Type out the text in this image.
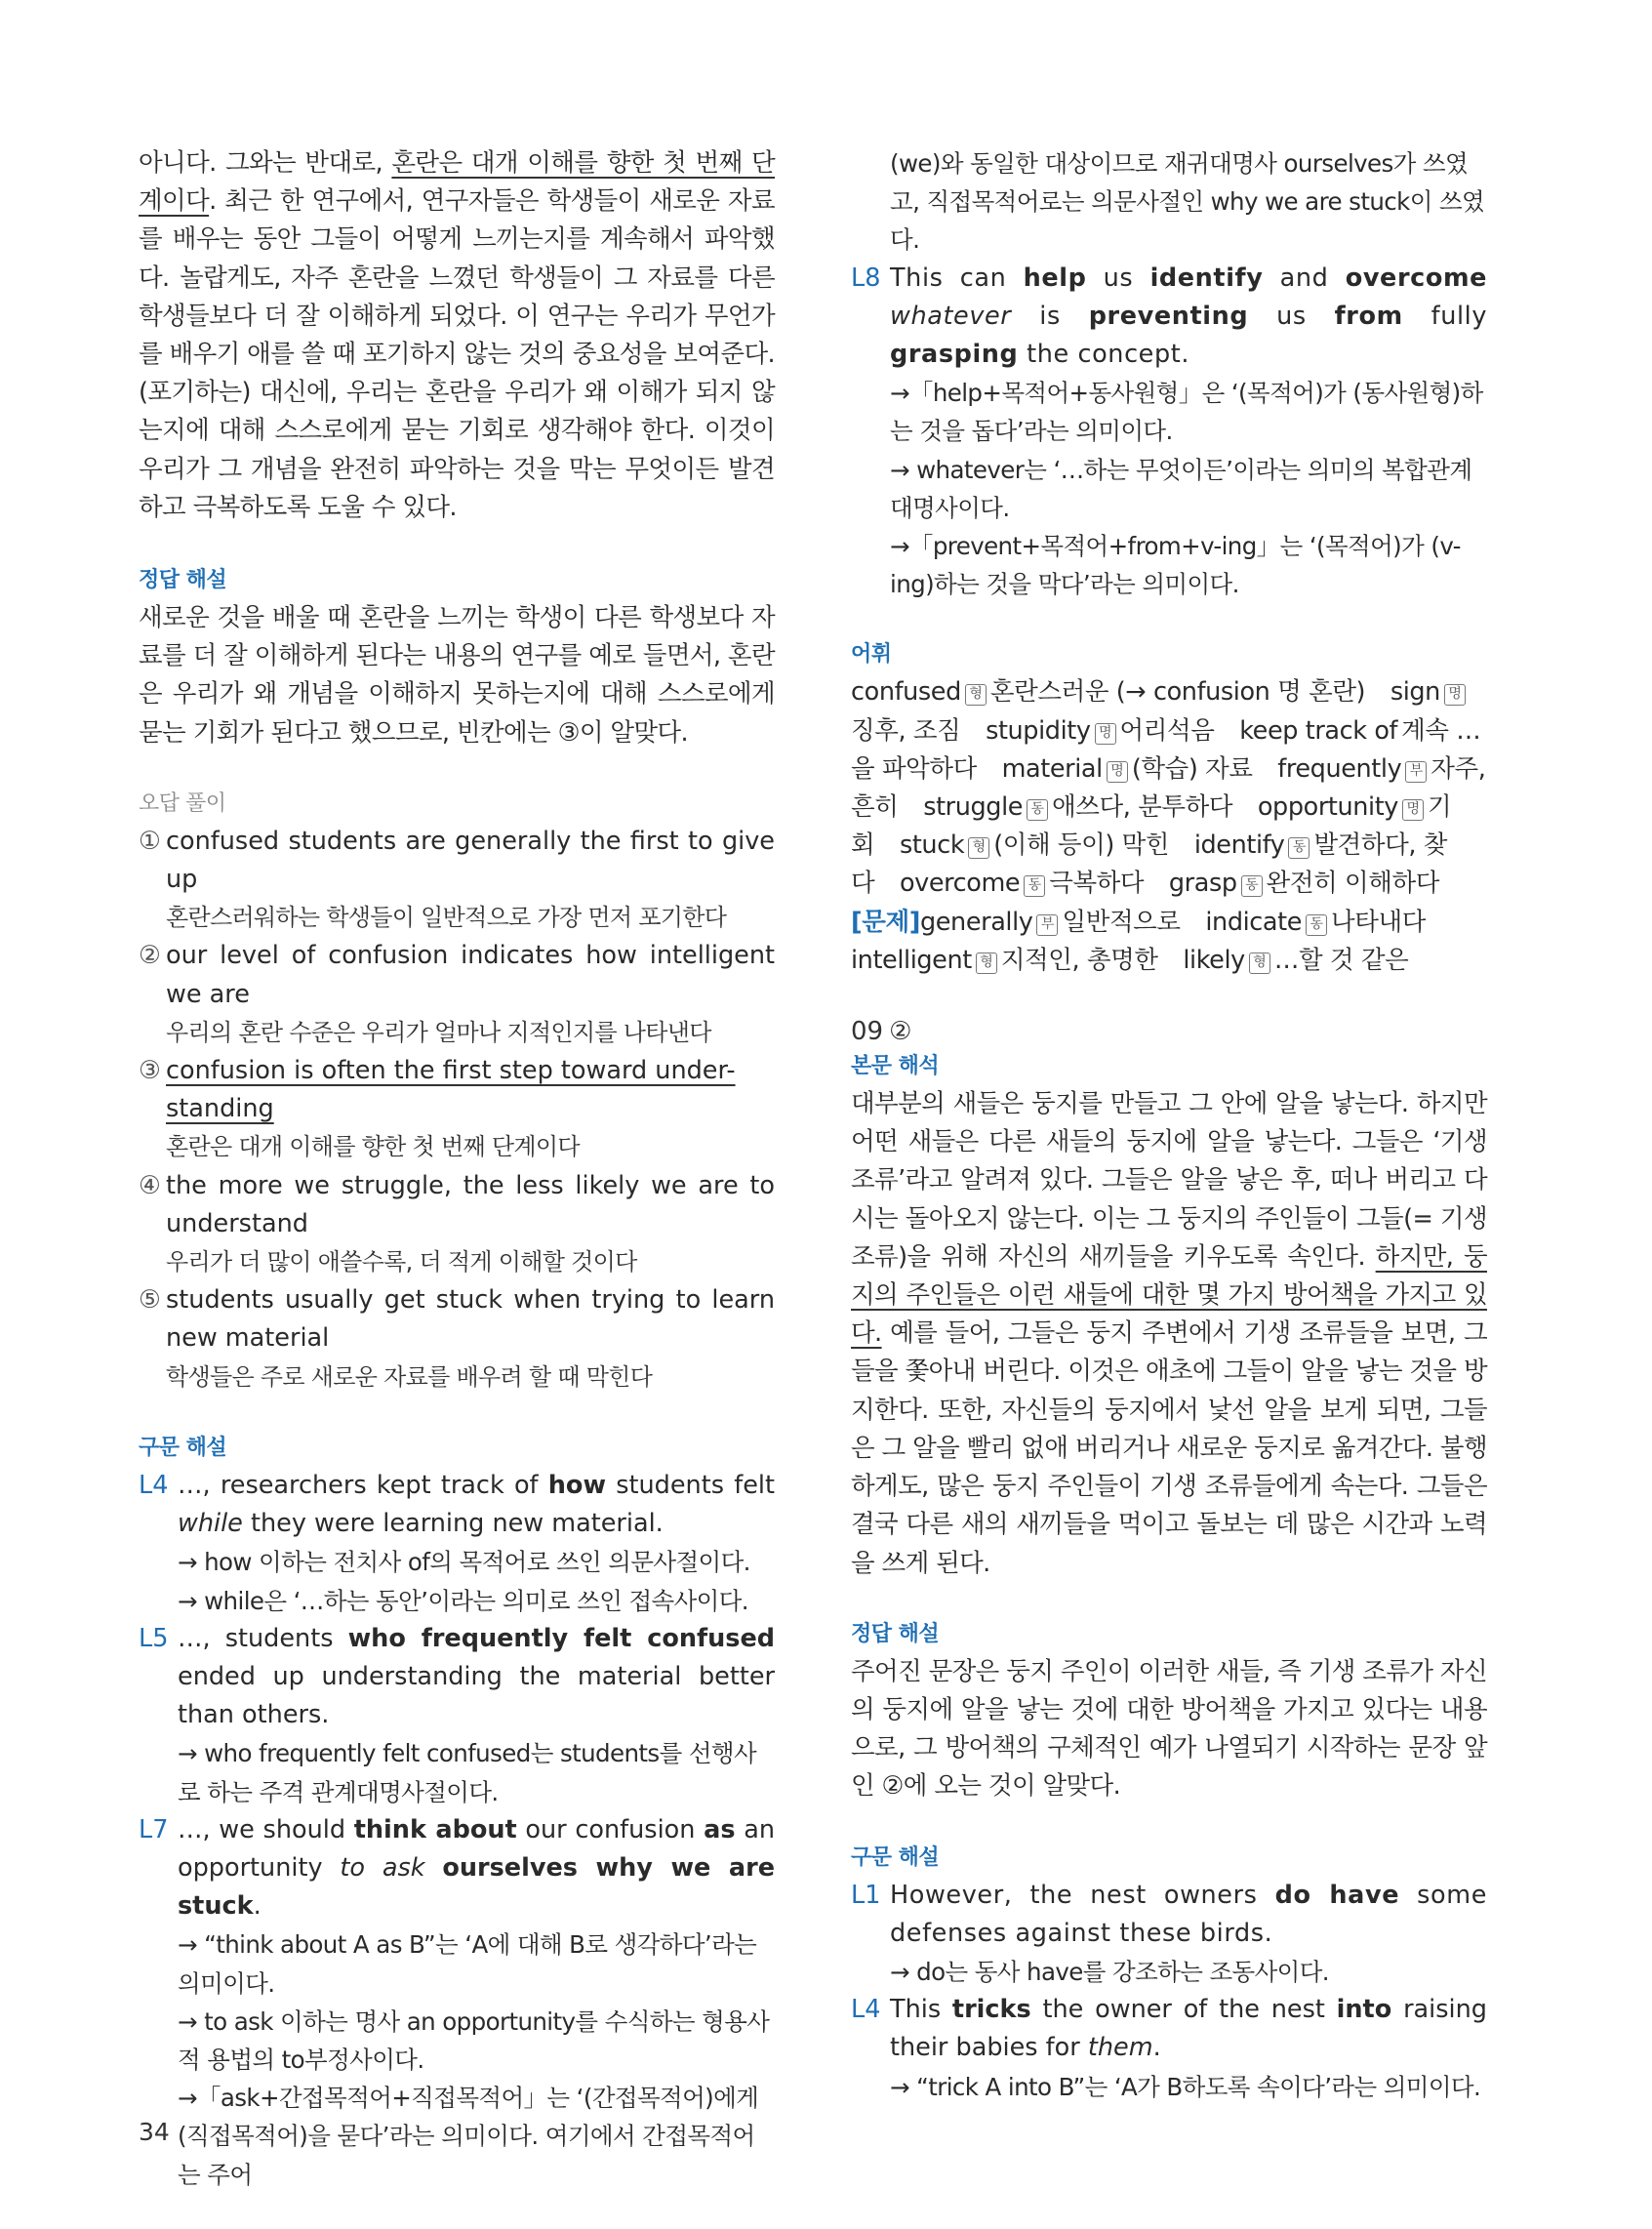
아니다. 그와는 반대로, 혼란은 대개 이해를 향한 첫 번째 단계이다. 최근 한 연구에서, 연구자들은 학생들이 새로운 자료를 배우는 동안 그들이 어떻게 느끼는지를 계속해서 파악했다. 놀랍게도, 자주 혼란을 느꼈던 학생들이 그 자료를 다른 학생들보다 더 잘 이해하게 되었다. 이 연구는 우리가 무언가를 배우기 애를 쓸 때 포기하지 않는 것의 중요성을 보여준다. (포기하는) 대신에, 우리는 혼란을 우리가 왜 이해가 되지 않는지에 대해 스스로에게 묻는 기회로 생각해야 한다. 이것이 우리가 그 개념을 완전히 파악하는 것을 막는 무엇이든 발견하고 극복하도록 도울 수 있다.

정답 해설

새로운 것을 배울 때 혼란을 느끼는 학생이 다른 학생보다 자료를 더 잘 이해하게 된다는 내용의 연구를 예로 들면서, 혼란은 우리가 왜 개념을 이해하지 못하는지에 대해 스스로에게 묻는 기회가 된다고 했으므로, 빈칸에는 ③이 알맞다.

오답 풀이
① confused students are generally the first to give up
혼란스러워하는 학생들이 일반적으로 가장 먼저 포기한다
② our level of confusion indicates how intelligent we are
우리의 혼란 수준은 우리가 얼마나 지적인지를 나타낸다
③ confusion is often the first step toward under-standing
혼란은 대개 이해를 향한 첫 번째 단계이다
④ the more we struggle, the less likely we are to understand
우리가 더 많이 애쓸수록, 더 적게 이해할 것이다
⑤ students usually get stuck when trying to learn new material
학생들은 주로 새로운 자료를 배우려 할 때 막힌다
구문 해설
L4 …, researchers kept track of how students felt while they were learning new material.
→ how 이하는 전치사 of의 목적어로 쓰인 의문사절이다.
→ while은 ‘…하는 동안’이라는 의미로 쓰인 접속사이다.
L5 …, students who frequently felt confused ended up understanding the material better than others.
→ who frequently felt confused는 students를 선행사로 하는 주격 관계대명사절이다.
L7 …, we should think about our confusion as an opportunity to ask ourselves why we are stuck.
→ “think about A as B”는 ‘A에 대해 B로 생각하다’라는 의미이다.
→ to ask 이하는 명사 an opportunity를 수식하는 형용사적 용법의 to부정사이다.
→「ask+간접목적어+직접목적어」는 ‘(간접목적어)에게 (직접목적어)을 묻다’라는 의미이다. 여기에서 간접목적어는 주어
(we)와 동일한 대상이므로 재귀대명사 ourselves가 쓰였고, 직접목적어로는 의문사절인 why we are stuck이 쓰였다.
L8 This can help us identify and overcome whatever is preventing us from fully grasping the concept.
→「help+목적어+동사원형」은 ‘(목적어)가 (동사원형)하는 것을 돕다’라는 의미이다.
→ whatever는 ‘…하는 무엇이든’이라는 의미의 복합관계대명사이다.
→「prevent+목적어+from+v-ing」는 ‘(목적어)가 (v-ing)하는 것을 막다’라는 의미이다.
어휘
confused 형 혼란스러운 (→ confusion 명 혼란) sign 명징후, 조짐 stupidity 명 어리석음 keep track of 계속 …을 파악하다 material 명 (학습) 자료 frequently 부 자주, 흔히 struggle 동 애쓰다, 분투하다 opportunity 명 기회 stuck 형 (이해 등이) 막힌 identify 동 발견하다, 찾다 overcome 동 극복하다 grasp 동 완전히 이해하다 [문제]generally 부 일반적으로 indicate 동 나타내다 intelligent 형 지적인, 총명한 likely 형 …할 것 같은
09 ②
본문 해석

대부분의 새들은 둥지를 만들고 그 안에 알을 낳는다. 하지만 어떤 새들은 다른 새들의 둥지에 알을 낳는다. 그들은 ‘기생 조류’라고 알려져 있다. 그들은 알을 낳은 후, 떠나 버리고 다시는 돌아오지 않는다. 이는 그 둥지의 주인들이 그들(= 기생 조류)을 위해 자신의 새끼들을 키우도록 속인다. 하지만, 둥지의 주인들은 이런 새들에 대한 몇 가지 방어책을 가지고 있다. 예를 들어, 그들은 둥지 주변에서 기생 조류들을 보면, 그들을 쫓아내 버린다. 이것은 애초에 그들이 알을 낳는 것을 방지한다. 또한, 자신들의 둥지에서 낯선 알을 보게 되면, 그들은 그 알을 빨리 없애 버리거나 새로운 둥지로 옮겨간다. 불행하게도, 많은 둥지 주인들이 기생 조류들에게 속는다. 그들은 결국 다른 새의 새끼들을 먹이고 돌보는 데 많은 시간과 노력을 쓰게 된다.

정답 해설

주어진 문장은 둥지 주인이 이러한 새들, 즉 기생 조류가 자신의 둥지에 알을 낳는 것에 대한 방어책을 가지고 있다는 내용으로, 그 방어책의 구체적인 예가 나열되기 시작하는 문장 앞인 ②에 오는 것이 알맞다.

구문 해설
L1 However, the nest owners do have some defenses against these birds.
→ do는 동사 have를 강조하는 조동사이다.
L4 This tricks the owner of the nest into raising their babies for them.
→ “trick A into B”는 ‘A가 B하도록 속이다’라는 의미이다.
34
